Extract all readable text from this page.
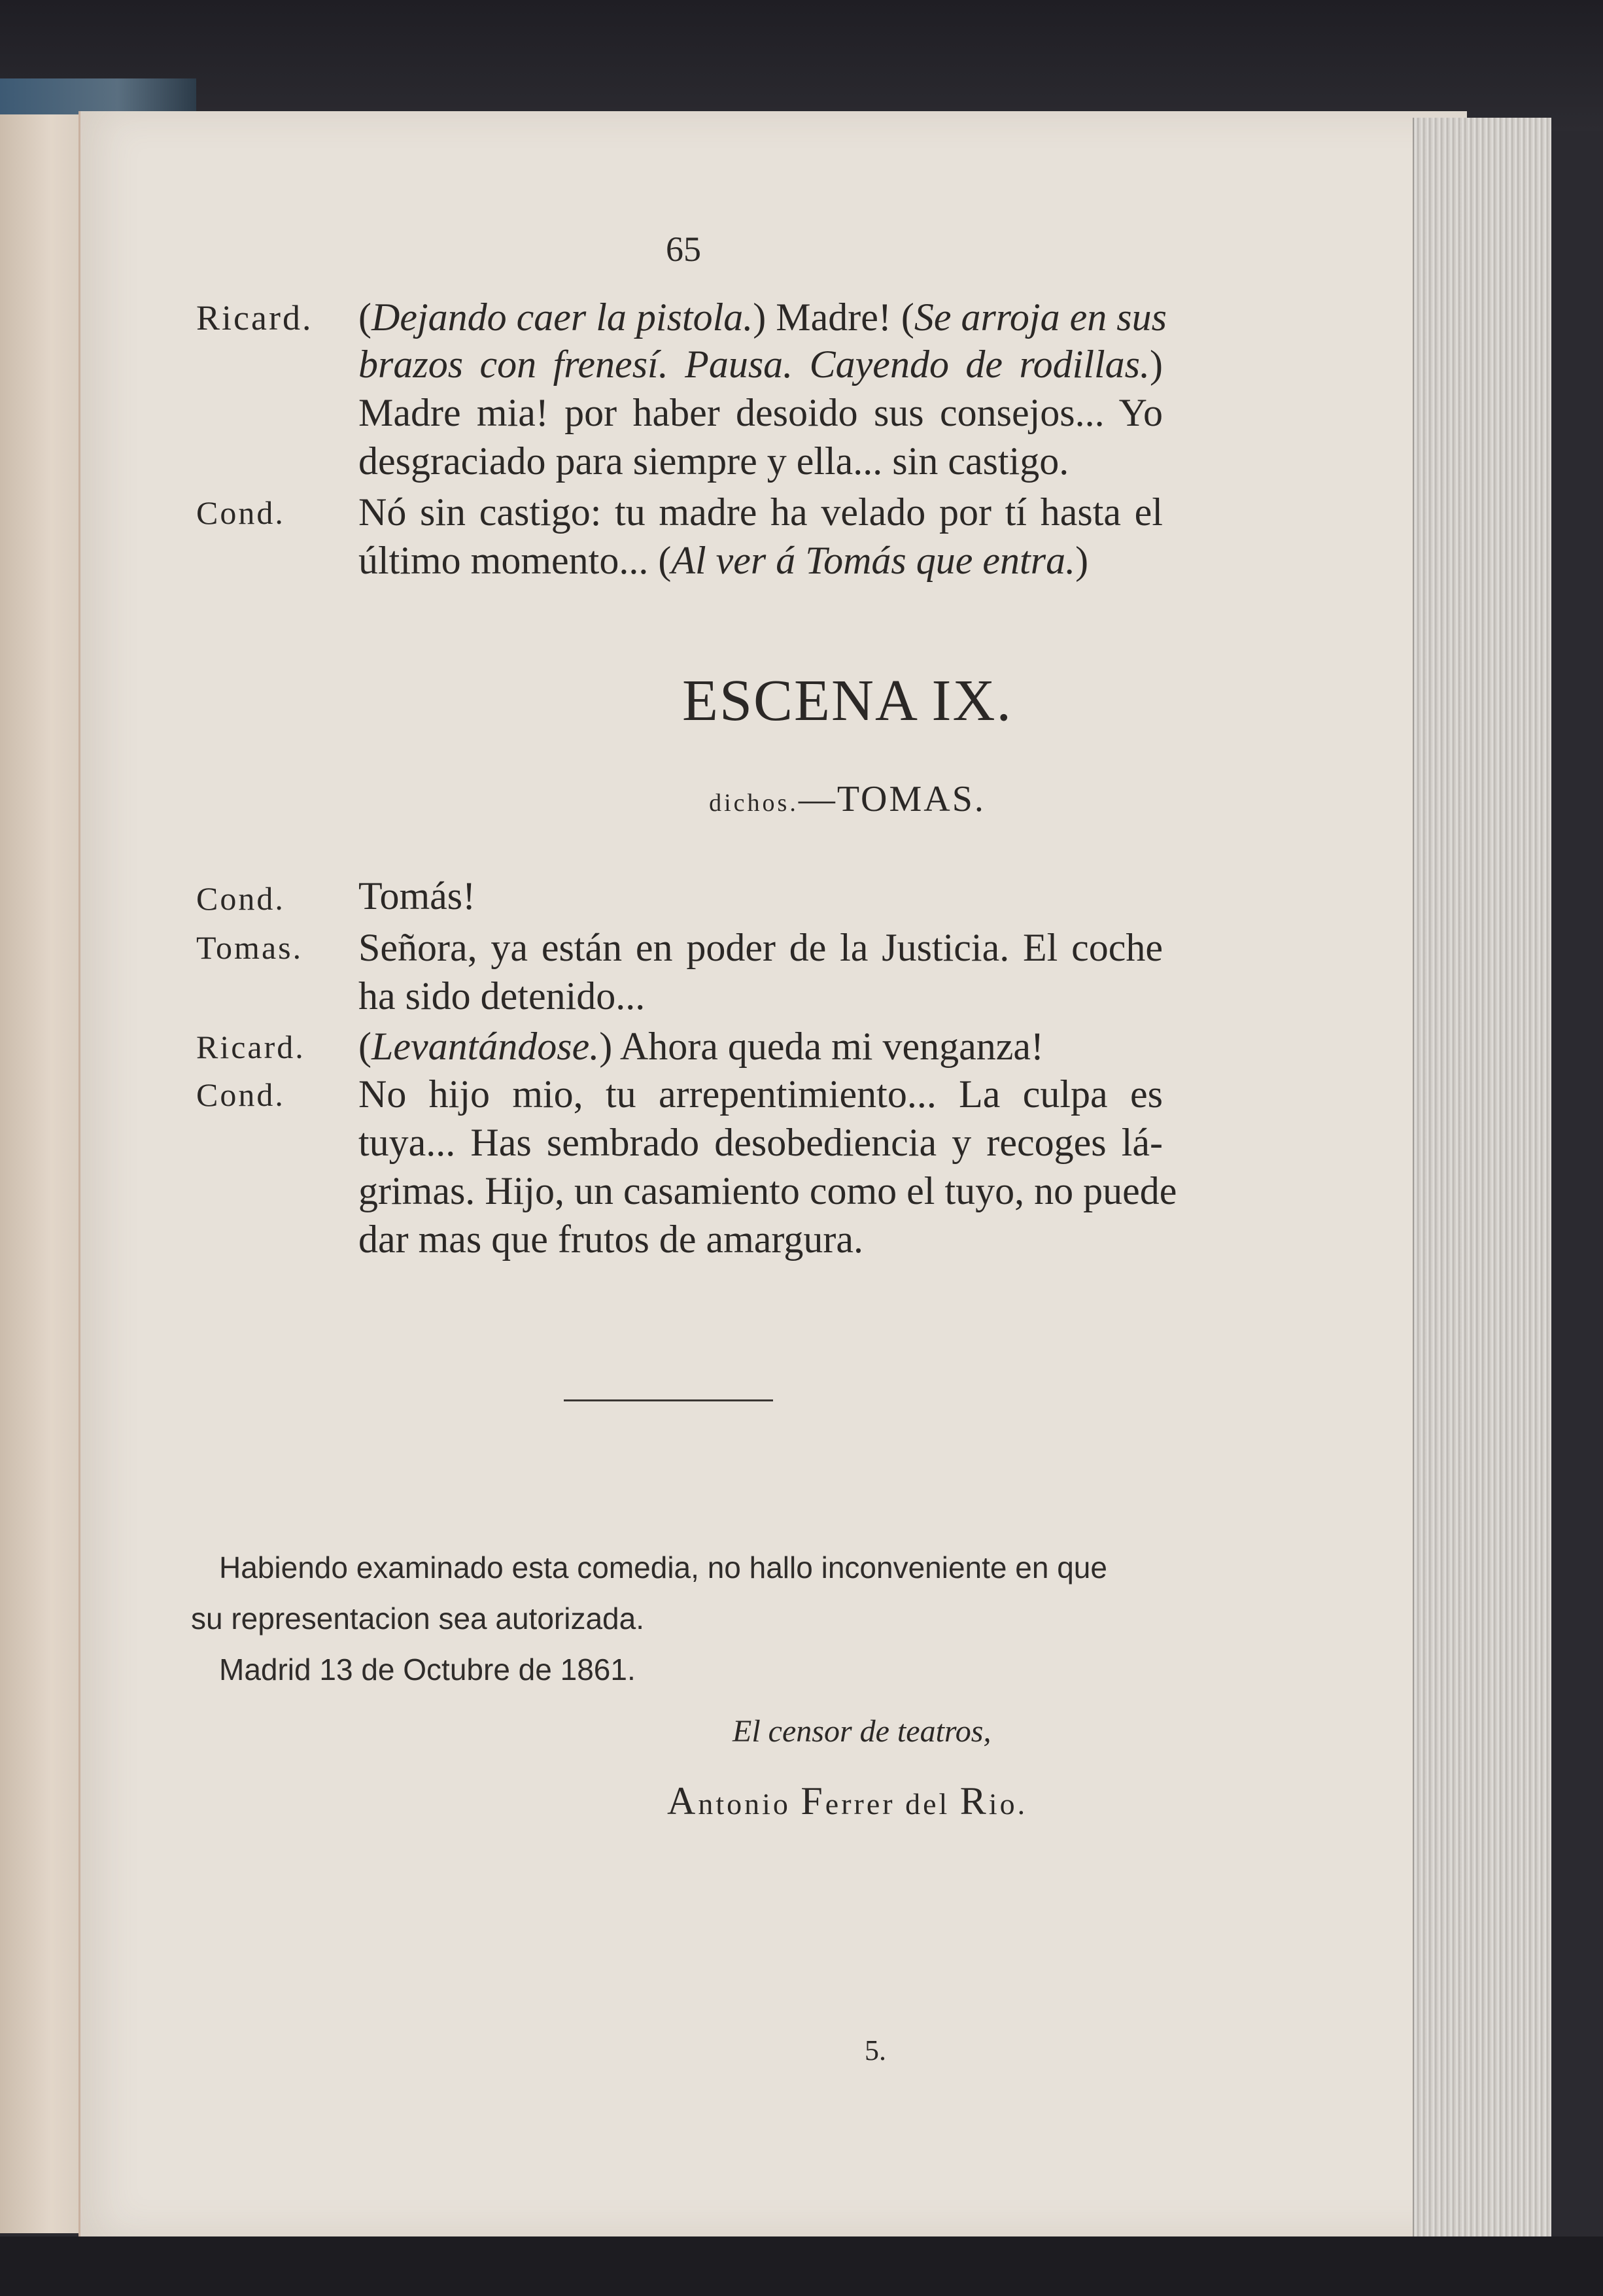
65
Ricard. (Dejando caer la pistola.) Madre! (Se arroja en sus
brazos con frenesí. Pausa. Cayendo de rodillas.)
Madre mia! por haber desoido sus consejos... Yo
desgraciado para siempre y ella... sin castigo.
Cond. Nó sin castigo: tu madre ha velado por tí hasta el
último momento... (Al ver á Tomás que entra.)
ESCENA IX.
dichos.—TOMAS.
Cond. Tomás!
Tomas. Señora, ya están en poder de la Justicia. El coche
ha sido detenido...
Ricard. (Levantándose.) Ahora queda mi venganza!
Cond. No hijo mio, tu arrepentimiento... La culpa es
tuya... Has sembrado desobediencia y recoges lá-
grimas. Hijo, un casamiento como el tuyo, no puede
dar mas que frutos de amargura.
Habiendo examinado esta comedia, no hallo inconveniente en que
su representacion sea autorizada.
Madrid 13 de Octubre de 1861.
El censor de teatros,
Antonio Ferrer del Rio.
5.
